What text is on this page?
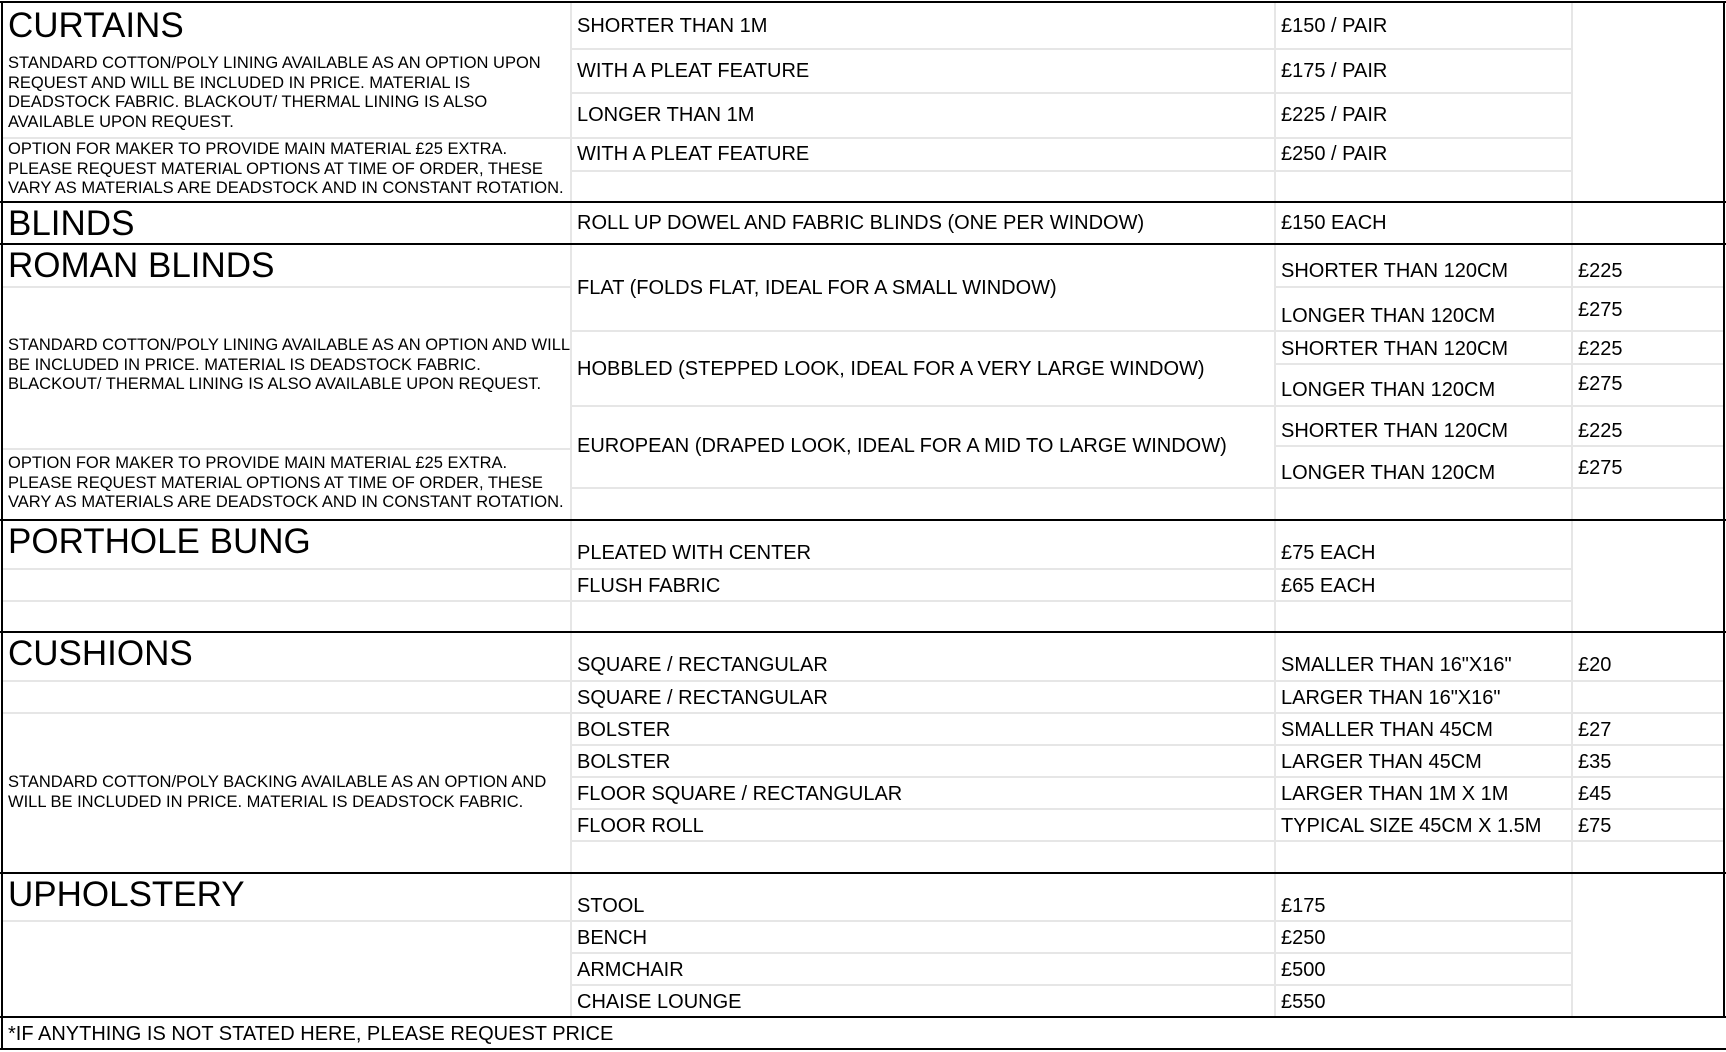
CURTAINS
STANDARD COTTON/POLY LINING AVAILABLE AS AN OPTION UPON REQUEST AND WILL BE INCLUDED IN PRICE. MATERIAL IS DEADSTOCK FABRIC. BLACKOUT/ THERMAL LINING IS ALSO AVAILABLE UPON REQUEST.
OPTION FOR MAKER TO PROVIDE MAIN MATERIAL £25 EXTRA. PLEASE REQUEST MATERIAL OPTIONS AT TIME OF ORDER, THESE VARY AS MATERIALS ARE DEADSTOCK AND IN CONSTANT ROTATION.
SHORTER THAN 1M	£150 / PAIR
WITH A PLEAT FEATURE	£175 / PAIR
LONGER THAN 1M	£225 / PAIR
WITH A PLEAT FEATURE	£250 / PAIR
BLINDS	ROLL UP DOWEL AND FABRIC BLINDS (ONE PER WINDOW)	£150 EACH
ROMAN BLINDS
STANDARD COTTON/POLY LINING AVAILABLE AS AN OPTION AND WILL BE INCLUDED IN PRICE. MATERIAL IS DEADSTOCK FABRIC. BLACKOUT/ THERMAL LINING IS ALSO AVAILABLE UPON REQUEST.
OPTION FOR MAKER TO PROVIDE MAIN MATERIAL £25 EXTRA. PLEASE REQUEST MATERIAL OPTIONS AT TIME OF ORDER, THESE VARY AS MATERIALS ARE DEADSTOCK AND IN CONSTANT ROTATION.
FLAT (FOLDS FLAT, IDEAL FOR A SMALL WINDOW)
SHORTER THAN 120CM	£225
LONGER THAN 120CM	£275
HOBBLED (STEPPED LOOK, IDEAL FOR A VERY LARGE WINDOW)
SHORTER THAN 120CM	£225
LONGER THAN 120CM	£275
EUROPEAN (DRAPED LOOK, IDEAL FOR A MID TO LARGE WINDOW)
SHORTER THAN 120CM	£225
LONGER THAN 120CM	£275
PORTHOLE BUNG	PLEATED WITH CENTER	£75 EACH
FLUSH FABRIC	£65 EACH
CUSHIONS
STANDARD COTTON/POLY BACKING AVAILABLE AS AN OPTION AND WILL BE INCLUDED IN PRICE. MATERIAL IS DEADSTOCK FABRIC.
SQUARE / RECTANGULAR	SMALLER THAN 16"X16"	£20
SQUARE / RECTANGULAR	LARGER THAN 16"X16"
BOLSTER	SMALLER THAN 45CM	£27
BOLSTER	LARGER THAN 45CM	£35
FLOOR SQUARE / RECTANGULAR	LARGER THAN 1M X 1M	£45
FLOOR ROLL	TYPICAL SIZE 45CM X 1.5M £75
UPHOLSTERY	STOOL	£175
BENCH	£250
ARMCHAIR	£500
CHAISE LOUNGE	£550
*IF ANYTHING IS NOT STATED HERE, PLEASE REQUEST PRICE
